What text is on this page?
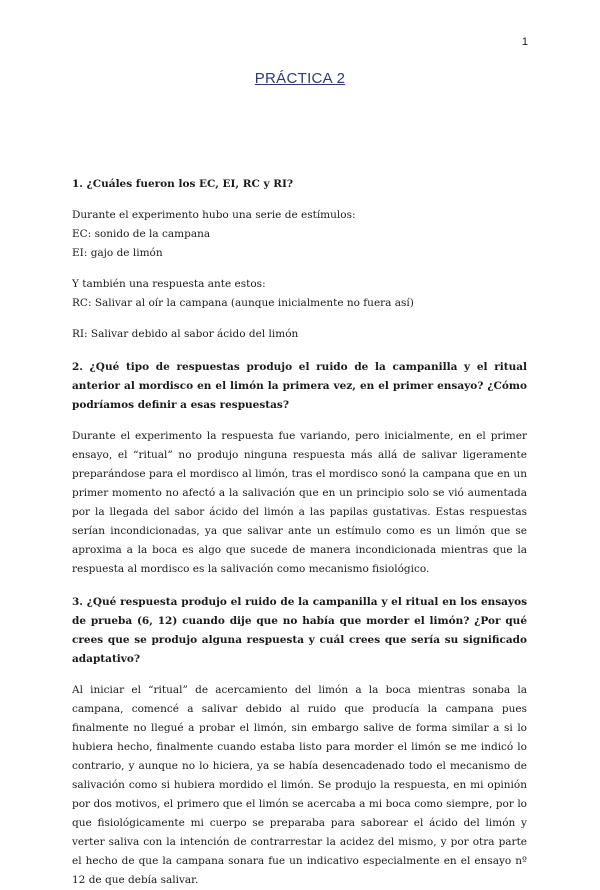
1
PRÁCTICA 2

1. ¿Cuáles fueron los EC, EI, RC y RI?

Durante el experimento hubo una serie de estímulos:

EC: sonido de la campana

EI: gajo de limón

Y también una respuesta ante estos:

RC: Salivar al oír la campana (aunque inicialmente no fuera así)

RI: Salivar debido al sabor ácido del limón

2. ¿Qué tipo de respuestas produjo el ruido de la campanilla y el ritual anterior al mordisco en el limón la primera vez, en el primer ensayo? ¿Cómo podríamos definir a esas respuestas?

Durante el experimento la respuesta fue variando, pero inicialmente, en el primer ensayo, el “ritual” no produjo ninguna respuesta más allá de salivar ligeramente preparándose para el mordisco al limón, tras el mordisco sonó la campana que en un primer momento no afectó a la salivación que en un principio solo se vió aumentada por la llegada del sabor ácido del limón a las papilas gustativas. Estas respuestas serían incondicionadas, ya que salivar ante un estímulo como es un limón que se aproxima a la boca es algo que sucede de manera incondicionada mientras que la respuesta al mordisco es la salivación como mecanismo fisiológico.

3. ¿Qué respuesta produjo el ruido de la campanilla y el ritual en los ensayos de prueba (6, 12) cuando dije que no había que morder el limón? ¿Por qué crees que se produjo alguna respuesta y cuál crees que sería su significado adaptativo?

Al iniciar el “ritual” de acercamiento del limón a la boca mientras sonaba la campana, comencé a salivar debido al ruido que producía la campana pues finalmente no llegué a probar el limón, sin embargo salive de forma similar a si lo hubiera hecho, finalmente cuando estaba listo para morder el limón se me indicó lo contrario, y aunque no lo hiciera, ya se había desencadenado todo el mecanismo de salivación como si hubiera mordido el limón. Se produjo la respuesta, en mi opinión por dos motivos, el primero que el limón se acercaba a mi boca como siempre, por lo que fisiológicamente mi cuerpo se preparaba para saborear el ácido del limón y verter saliva con la intención de contrarrestar la acidez del mismo, y por otra parte el hecho de que la campana sonara fue un indicativo especialmente en el ensayo nº 12 de que debía salivar.
